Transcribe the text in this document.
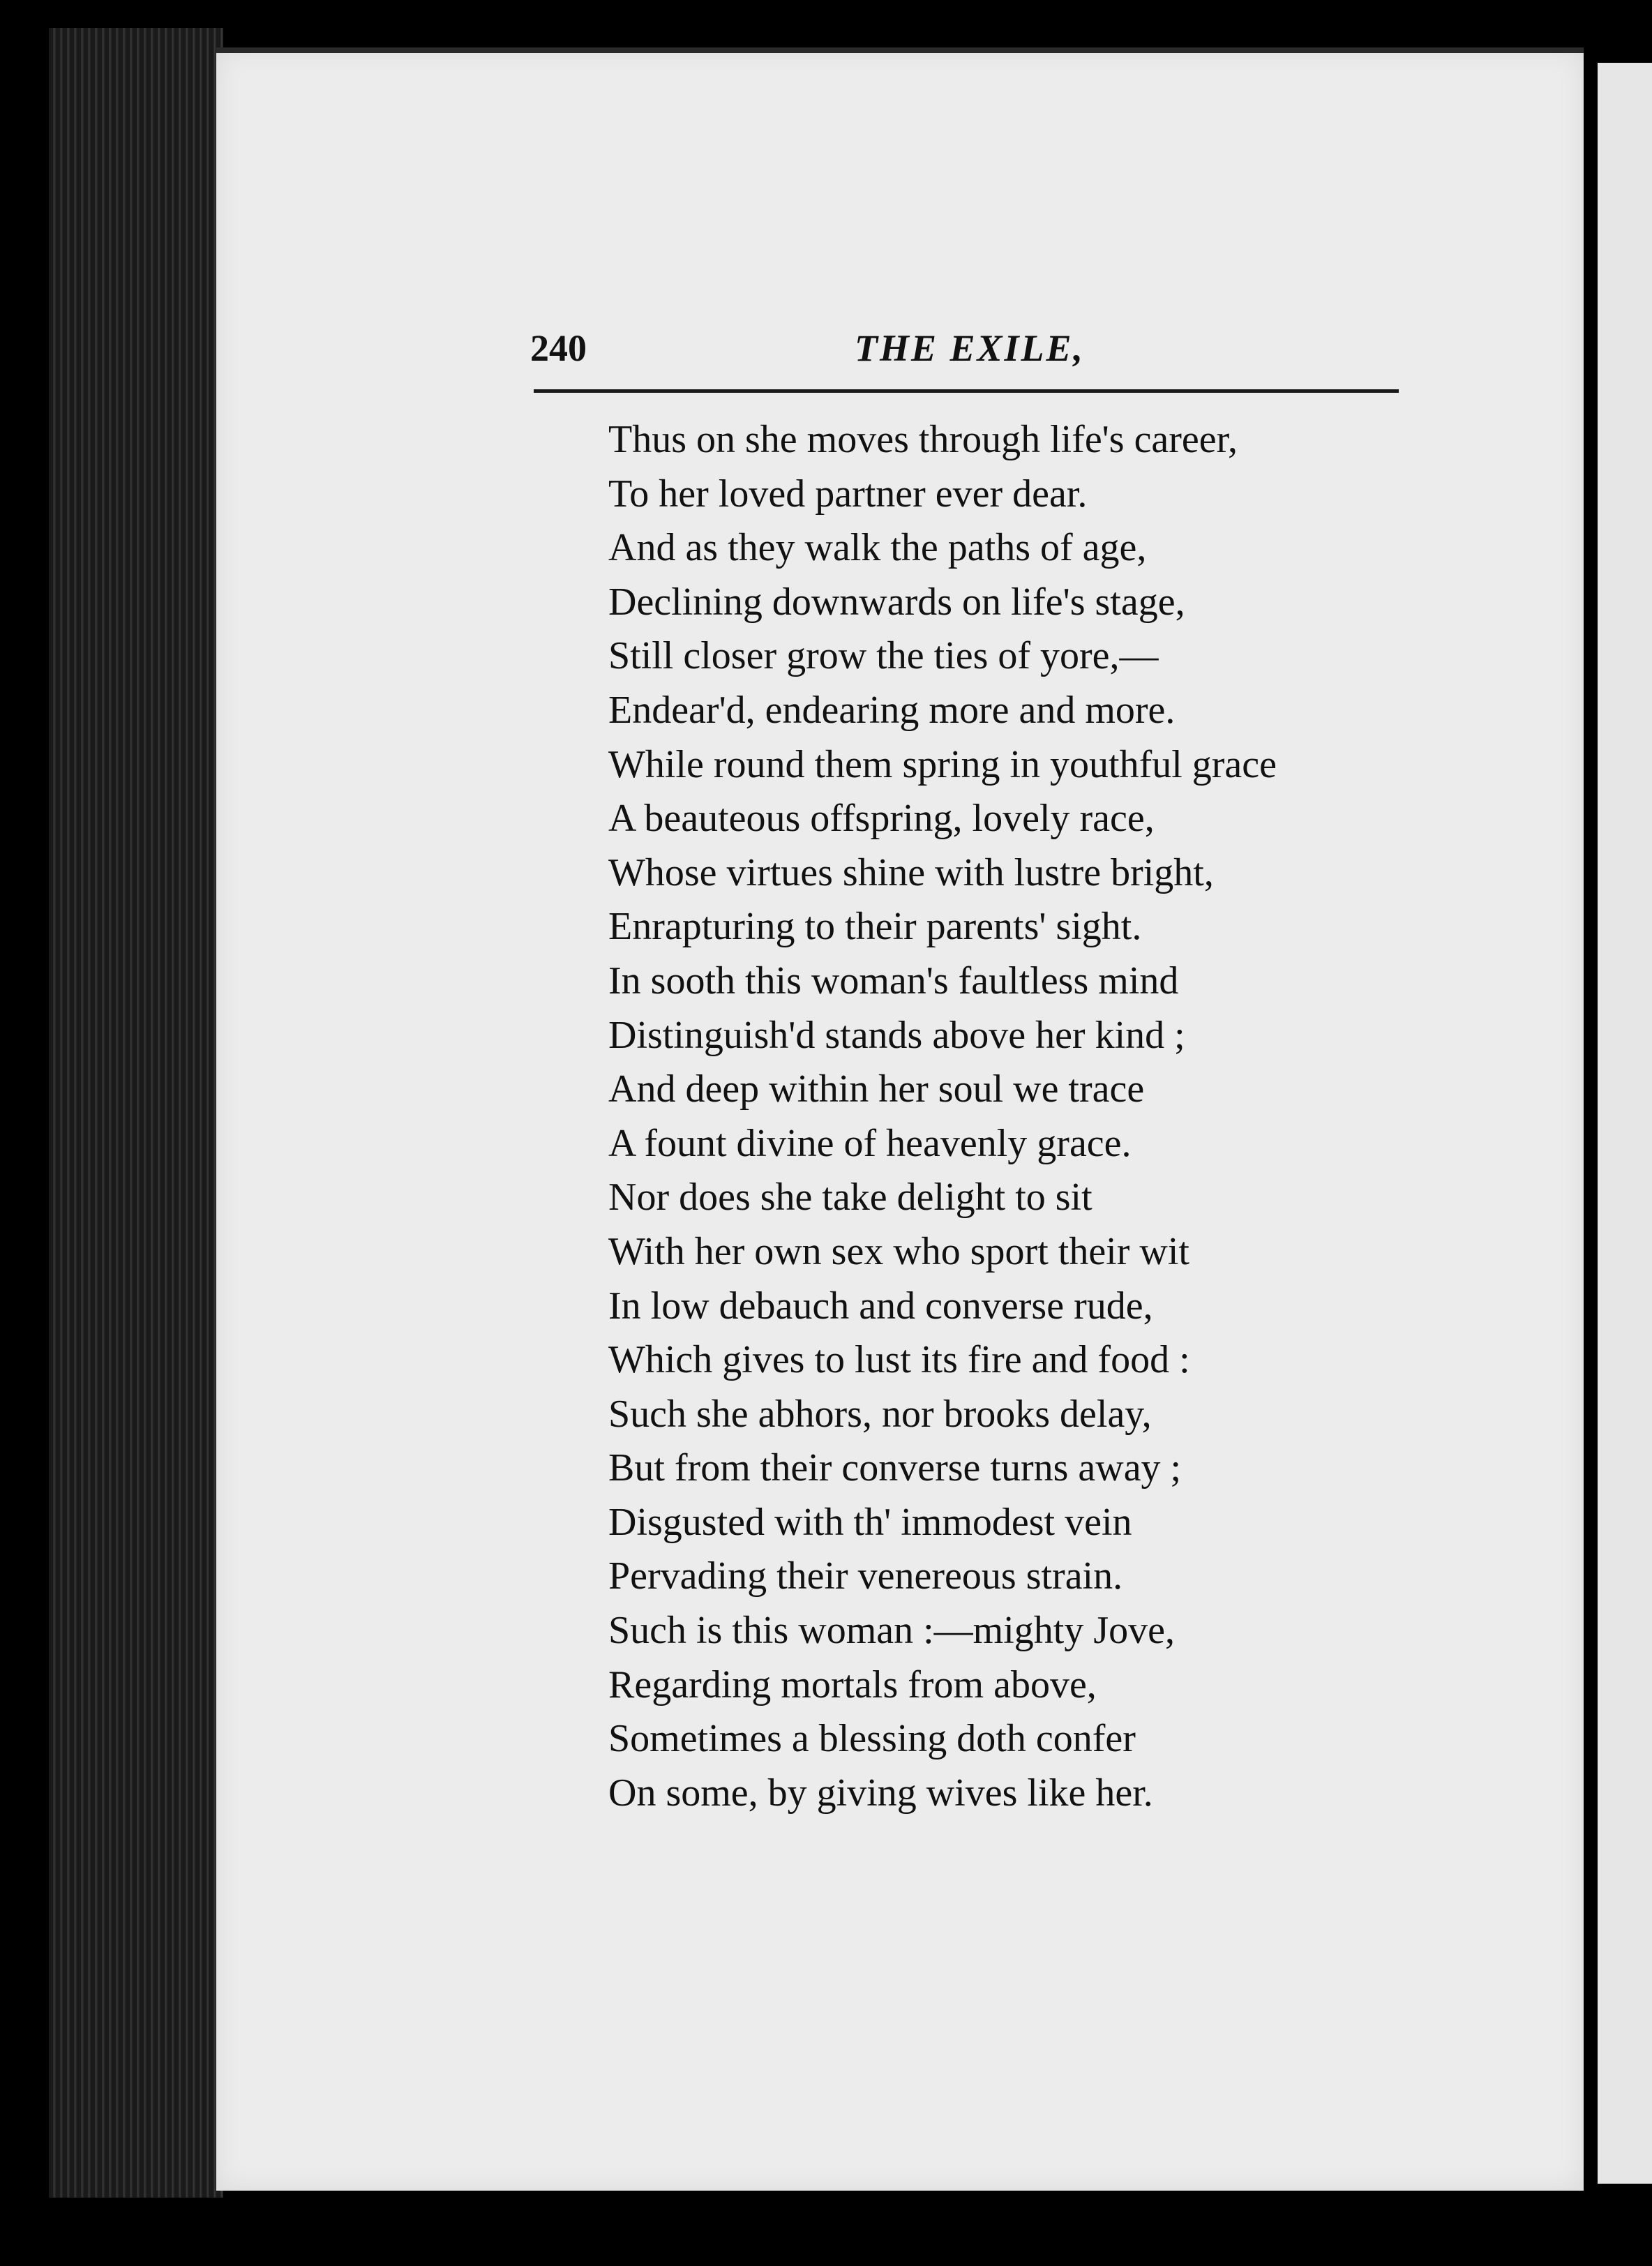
240	THE EXILE,
Thus on she moves through life's career,
To her loved partner ever dear.
And as they walk the paths of age,
Declining downwards on life's stage,
Still closer grow the ties of yore,—
Endear'd, endearing more and more.
While round them spring in youthful grace
A beauteous offspring, lovely race,
Whose virtues shine with lustre bright,
Enrapturing to their parents' sight.
In sooth this woman's faultless mind
Distinguish'd stands above her kind ;
And deep within her soul we trace
A fount divine of heavenly grace.
Nor does she take delight to sit
With her own sex who sport their wit
In low debauch and converse rude,
Which gives to lust its fire and food :
Such she abhors, nor brooks delay,
But from their converse turns away ;
Disgusted with th' immodest vein
Pervading their venereous strain.
Such is this woman :—mighty Jove,
Regarding mortals from above,
Sometimes a blessing doth confer
On some, by giving wives like her.
